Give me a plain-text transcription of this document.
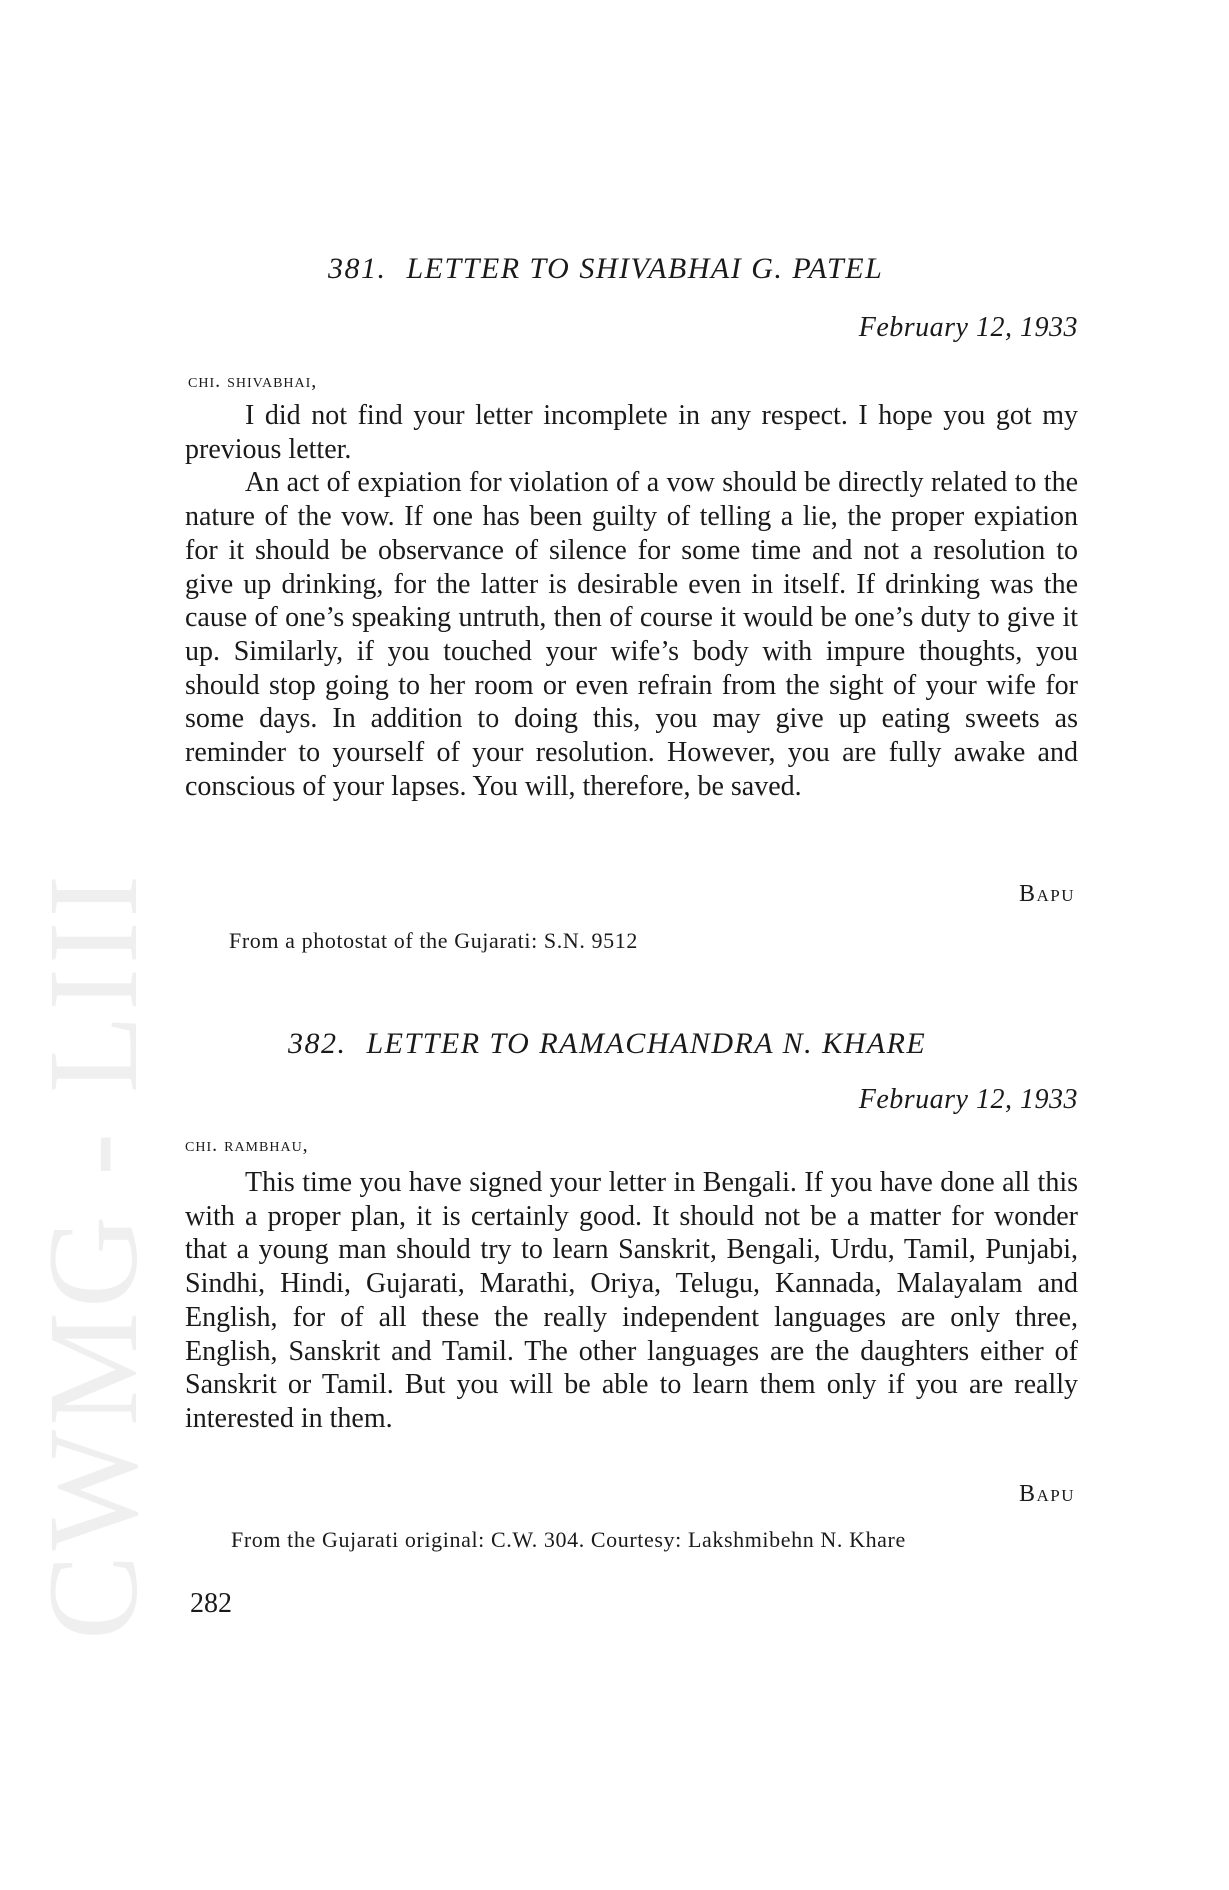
CWMG - LIII
381. LETTER TO SHIVABHAI G. PATEL
February 12, 1933
chi. shivabhai,

I did not find your letter incomplete in any respect. I hope you got my previous letter.

An act of expiation for violation of a vow should be directly related to the nature of the vow. If one has been guilty of telling a lie, the proper expiation for it should be observance of silence for some time and not a resolution to give up drinking, for the latter is desirable even in itself. If drinking was the cause of one’s speaking untruth, then of course it would be one’s duty to give it up. Similarly, if you touched your wife’s body with impure thoughts, you should stop going to her room or even refrain from the sight of your wife for some days. In addition to doing this, you may give up eating sweets as reminder to yourself of your resolution. However, you are fully awake and conscious of your lapses. You will, therefore, be saved.

Bapu
From a photostat of the Gujarati: S.N. 9512
382. LETTER TO RAMACHANDRA N. KHARE
February 12, 1933
chi. rambhau,

This time you have signed your letter in Bengali. If you have done all this with a proper plan, it is certainly good. It should not be a matter for wonder that a young man should try to learn Sanskrit, Bengali, Urdu, Tamil, Punjabi, Sindhi, Hindi, Gujarati, Marathi, Oriya, Telugu, Kannada, Malayalam and English, for of all these the really independent languages are only three, English, Sanskrit and Tamil. The other languages are the daughters either of Sanskrit or Tamil. But you will be able to learn them only if you are really interested in them.

Bapu
From the Gujarati original: C.W. 304. Courtesy: Lakshmibehn N. Khare
282
